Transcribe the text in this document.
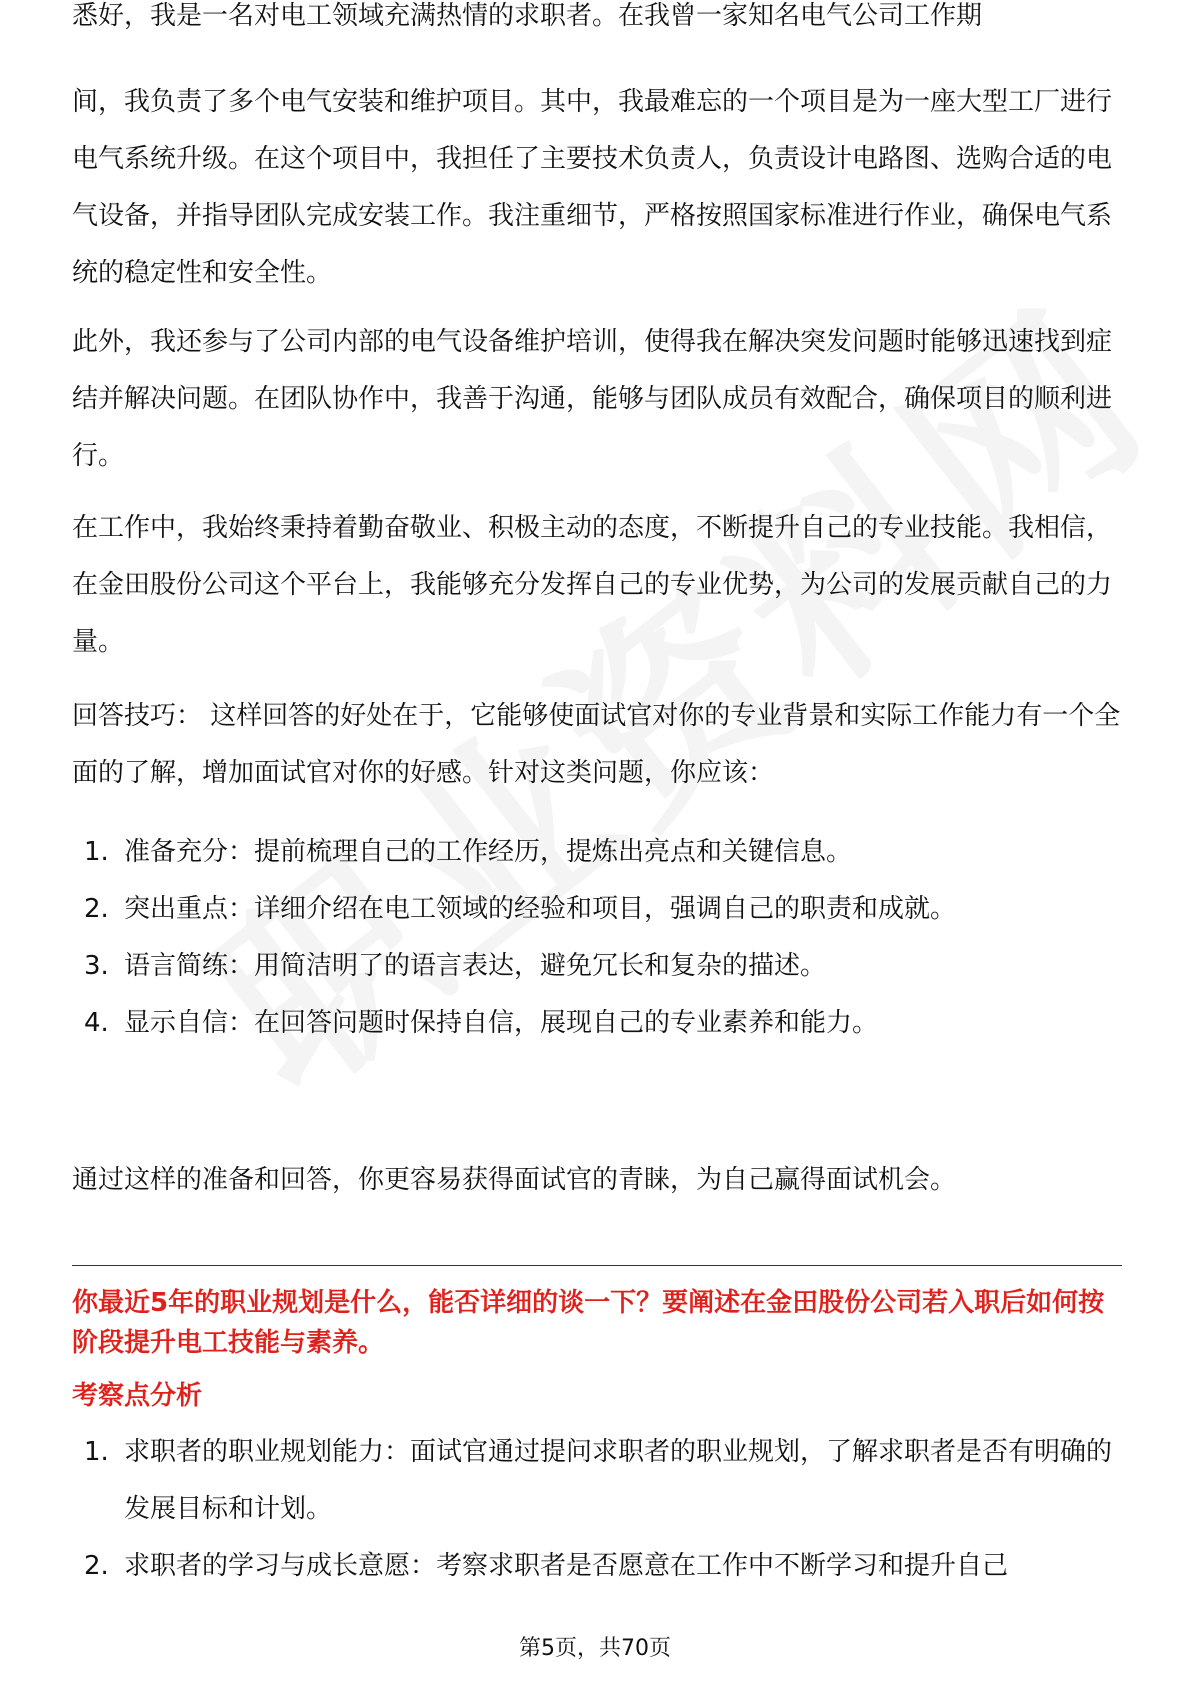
悉好，我是一名对电工领域充满热情的求职者。在我曾一家知名电气公司工作期

间，我负责了多个电气安装和维护项目。其中，我最难忘的一个项目是为一座大型工厂进行电气系统升级。在这个项目中，我担任了主要技术负责人，负责设计电路图、选购合适的电气设备，并指导团队完成安装工作。我注重细节，严格按照国家标准进行作业，确保电气系统的稳定性和安全性。

此外，我还参与了公司内部的电气设备维护培训，使得我在解决突发问题时能够迅速找到症结并解决问题。在团队协作中，我善于沟通，能够与团队成员有效配合，确保项目的顺利进行。

在工作中，我始终秉持着勤奋敬业、积极主动的态度，不断提升自己的专业技能。我相信，在金田股份公司这个平台上，我能够充分发挥自己的专业优势，为公司的发展贡献自己的力量。

回答技巧： 这样回答的好处在于，它能够使面试官对你的专业背景和实际工作能力有一个全面的了解，增加面试官对你的好感。针对这类问题，你应该：

1. 准备充分：提前梳理自己的工作经历，提炼出亮点和关键信息。
2. 突出重点：详细介绍在电工领域的经验和项目，强调自己的职责和成就。
3. 语言简练：用简洁明了的语言表达，避免冗长和复杂的描述。
4. 显示自信：在回答问题时保持自信，展现自己的专业素养和能力。

通过这样的准备和回答，你更容易获得面试官的青睐，为自己赢得面试机会。

你最近5年的职业规划是什么，能否详细的谈一下？要阐述在金田股份公司若入职后如何按阶段提升电工技能与素养。
考察点分析
1. 求职者的职业规划能力：面试官通过提问求职者的职业规划，了解求职者是否有明确的发展目标和计划。
2. 求职者的学习与成长意愿：考察求职者是否愿意在工作中不断学习和提升自己
第5页，共70页
